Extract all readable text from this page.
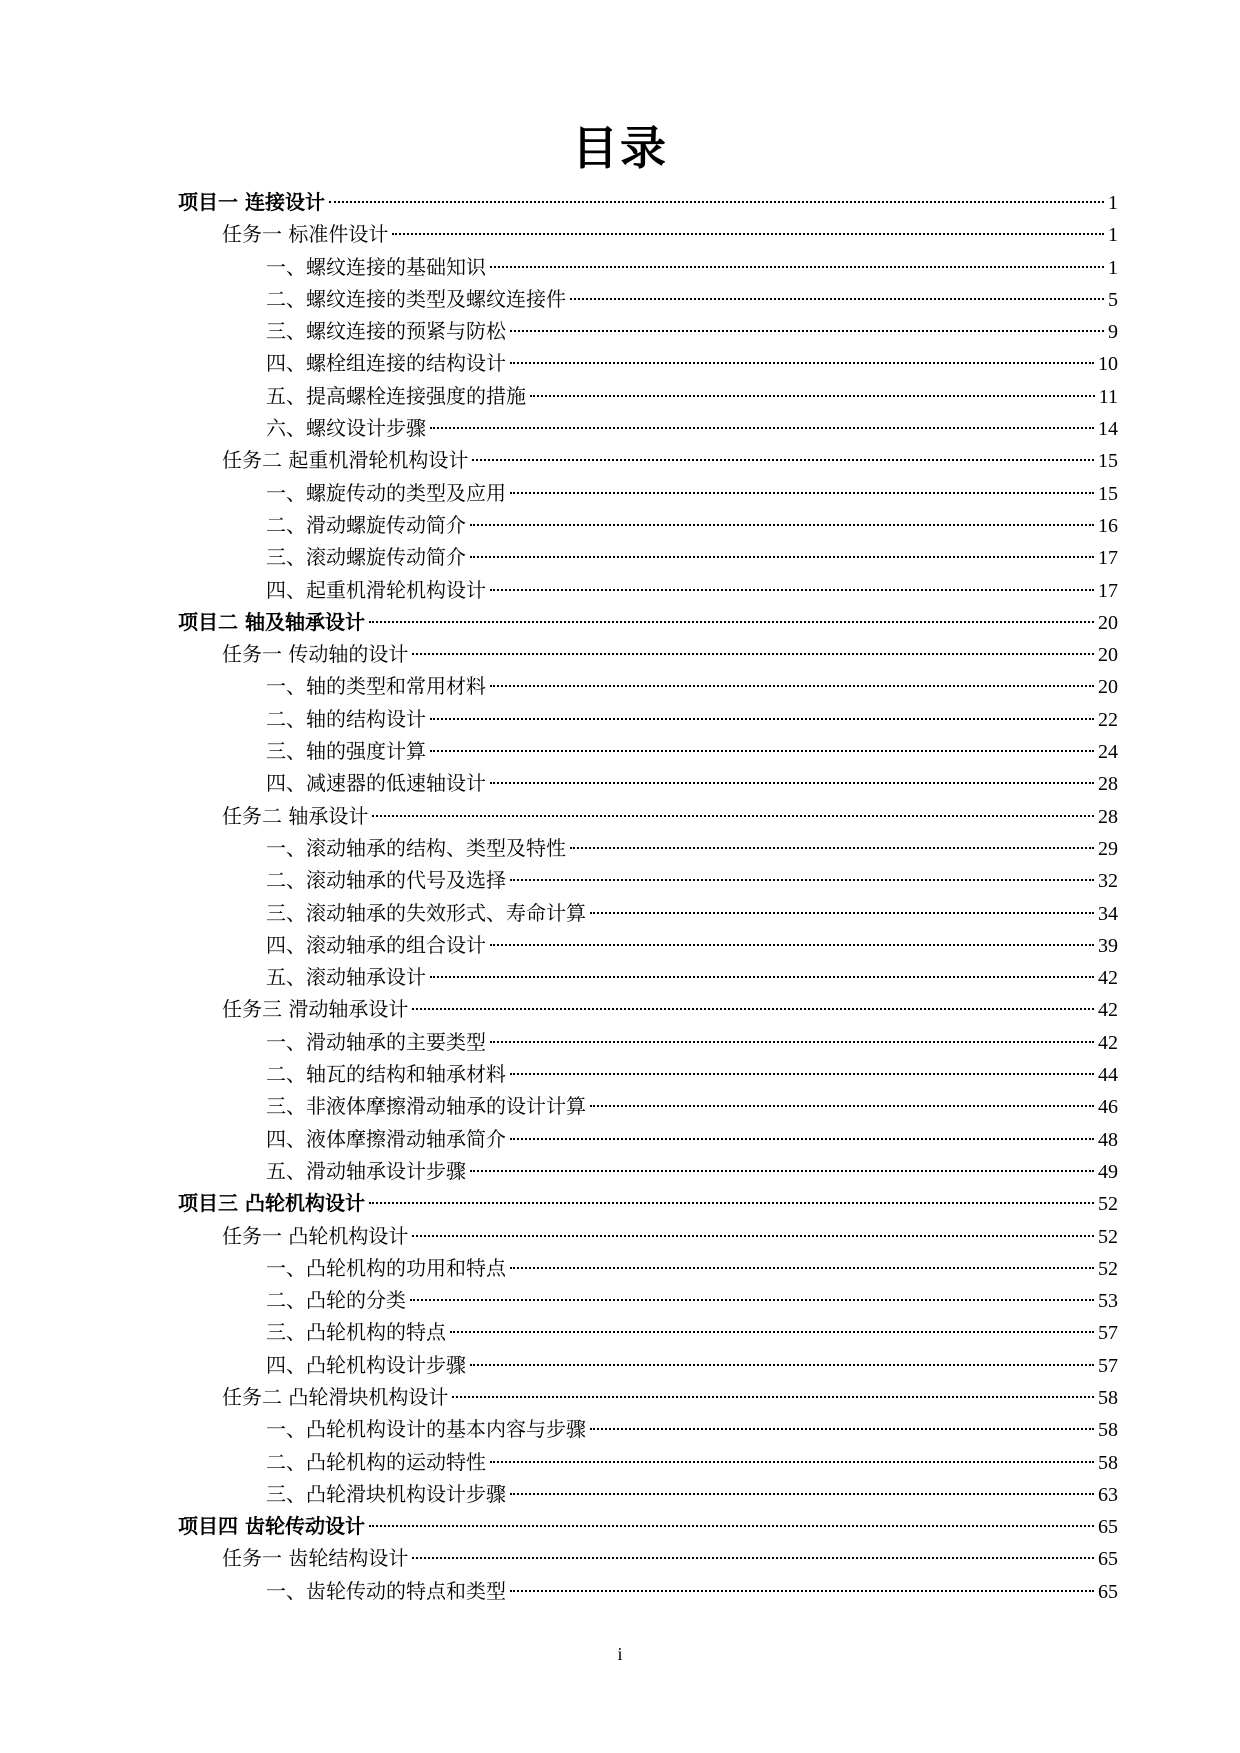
目录
项目一 连接设计	1
任务一 标准件设计	1
一、螺纹连接的基础知识	1
二、螺纹连接的类型及螺纹连接件	5
三、螺纹连接的预紧与防松	9
四、螺栓组连接的结构设计	10
五、提高螺栓连接强度的措施	11
六、螺纹设计步骤	14
任务二 起重机滑轮机构设计	15
一、螺旋传动的类型及应用	15
二、滑动螺旋传动简介	16
三、滚动螺旋传动简介	17
四、起重机滑轮机构设计	17
项目二 轴及轴承设计	20
任务一 传动轴的设计	20
一、轴的类型和常用材料	20
二、轴的结构设计	22
三、轴的强度计算	24
四、减速器的低速轴设计	28
任务二 轴承设计	28
一、滚动轴承的结构、类型及特性	29
二、滚动轴承的代号及选择	32
三、滚动轴承的失效形式、寿命计算	34
四、滚动轴承的组合设计	39
五、滚动轴承设计	42
任务三 滑动轴承设计	42
一、滑动轴承的主要类型	42
二、轴瓦的结构和轴承材料	44
三、非液体摩擦滑动轴承的设计计算	46
四、液体摩擦滑动轴承简介	48
五、滑动轴承设计步骤	49
项目三 凸轮机构设计	52
任务一 凸轮机构设计	52
一、凸轮机构的功用和特点	52
二、凸轮的分类	53
三、凸轮机构的特点	57
四、凸轮机构设计步骤	57
任务二 凸轮滑块机构设计	58
一、凸轮机构设计的基本内容与步骤	58
二、凸轮机构的运动特性	58
三、凸轮滑块机构设计步骤	63
项目四 齿轮传动设计	65
任务一 齿轮结构设计	65
一、齿轮传动的特点和类型	65
i
